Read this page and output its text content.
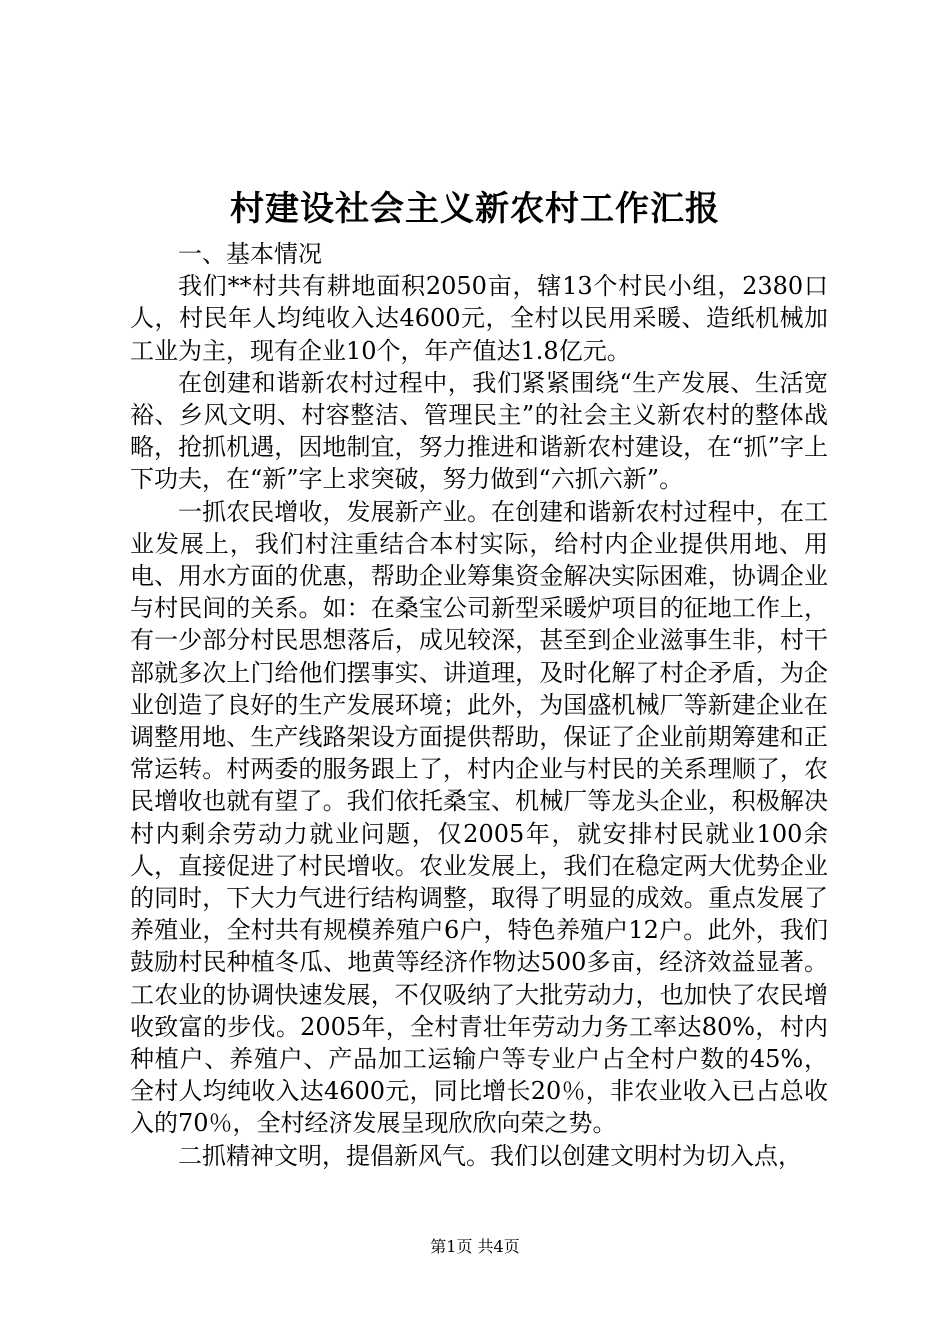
村建设社会主义新农村工作汇报

一、基本情况

我们**村共有耕地面积2050亩，辖13个村民小组，2380口人，村民年人均纯收入达4600元，全村以民用采暖、造纸机械加工业为主，现有企业10个，年产值达1.8亿元。

在创建和谐新农村过程中，我们紧紧围绕“生产发展、生活宽裕、乡风文明、村容整洁、管理民主”的社会主义新农村的整体战略，抢抓机遇，因地制宜，努力推进和谐新农村建设，在“抓”字上下功夫，在“新”字上求突破，努力做到“六抓六新”。

一抓农民增收，发展新产业。在创建和谐新农村过程中，在工业发展上，我们村注重结合本村实际，给村内企业提供用地、用电、用水方面的优惠，帮助企业筹集资金解决实际困难，协调企业与村民间的关系。如：在桑宝公司新型采暖炉项目的征地工作上，有一少部分村民思想落后，成见较深，甚至到企业滋事生非，村干部就多次上门给他们摆事实、讲道理，及时化解了村企矛盾，为企业创造了良好的生产发展环境；此外，为国盛机械厂等新建企业在调整用地、生产线路架设方面提供帮助，保证了企业前期筹建和正常运转。村两委的服务跟上了，村内企业与村民的关系理顺了，农民增收也就有望了。我们依托桑宝、机械厂等龙头企业，积极解决村内剩余劳动力就业问题，仅2005年，就安排村民就业100余人，直接促进了村民增收。农业发展上，我们在稳定两大优势企业的同时，下大力气进行结构调整，取得了明显的成效。重点发展了养殖业，全村共有规模养殖户6户，特色养殖户12户。此外，我们鼓励村民种植冬瓜、地黄等经济作物达500多亩，经济效益显著。工农业的协调快速发展，不仅吸纳了大批劳动力，也加快了农民增收致富的步伐。2005年，全村青壮年劳动力务工率达80%，村内种植户、养殖户、产品加工运输户等专业户占全村户数的45%，全村人均纯收入达4600元，同比增长20％，非农业收入已占总收入的70％，全村经济发展呈现欣欣向荣之势。

二抓精神文明，提倡新风气。我们以创建文明村为切入点，

第1页 共4页
